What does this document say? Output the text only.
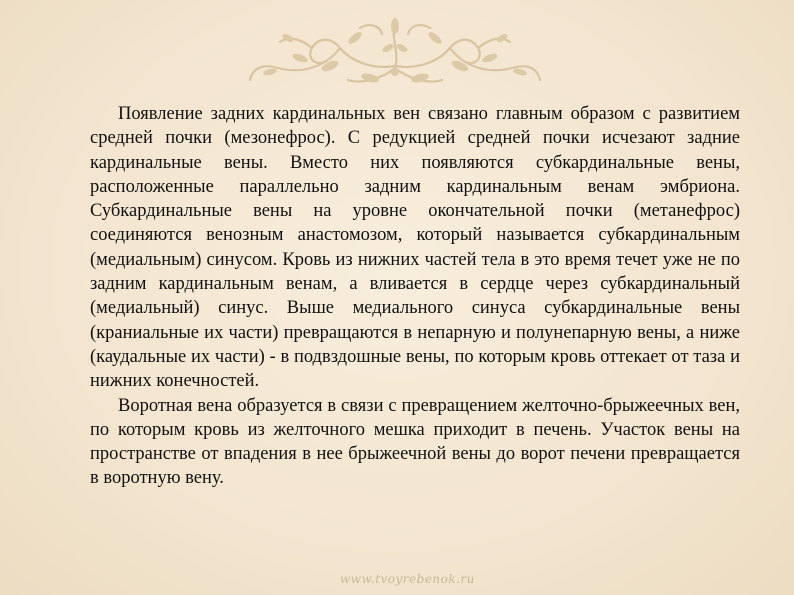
Появление задних кардинальных вен связано главным образом с развитием средней почки (мезонефрос). С редукцией средней почки исчезают задние кардинальные вены. Вместо них появляются субкардинальные вены, расположенные параллельно задним кардинальным венам эмбриона. Субкардинальные вены на уровне окончательной почки (метанефрос) соединяются венозным анастомозом, который называется субкардинальным (медиальным) синусом. Кровь из нижних частей тела в это время течет уже не по задним кардинальным венам, а вливается в сердце через субкардинальный (медиальный) синус. Выше медиального синуса субкардинальные вены (краниальные их части) превращаются в непарную и полунепарную вены, а ниже (каудальные их части) - в подвздошные вены, по которым кровь оттекает от таза и нижних конечностей.

Воротная вена образуется в связи с превращением желточно-брыжеечных вен, по которым кровь из желточного мешка приходит в печень. Участок вены на пространстве от впадения в нее брыжеечной вены до ворот печени превращается в воротную вену.

www.tvoyrebenok.ru
